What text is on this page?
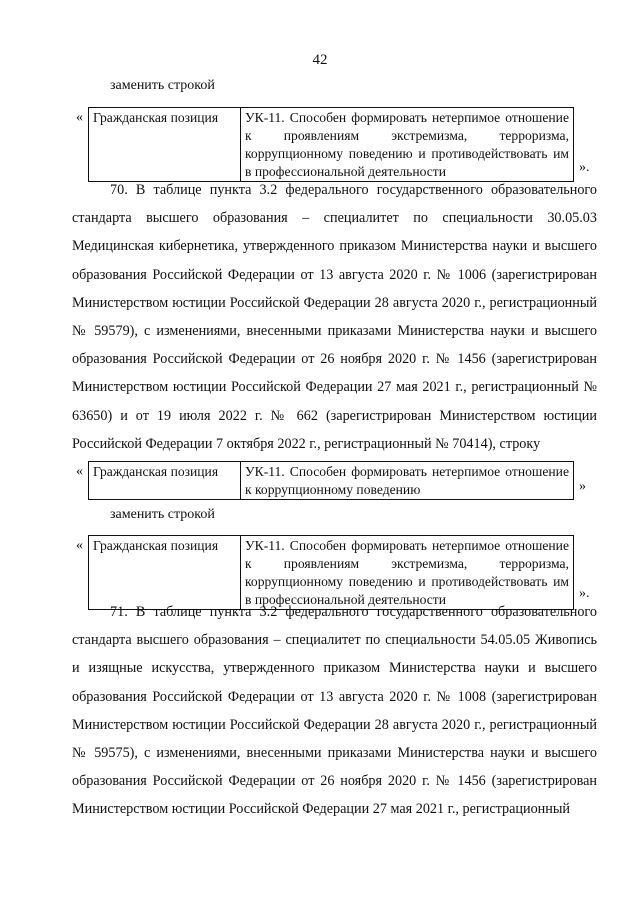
42
заменить строкой
« Гражданская позиция	УК-11. Способен формировать нетерпимое отношение к проявлениям экстремизма, терроризма, коррупционному поведению и противодействовать им в профессиональной деятельности	».
70. В таблице пункта 3.2 федерального государственного образовательного стандарта высшего образования – специалитет по специальности 30.05.03 Медицинская кибернетика, утвержденного приказом Министерства науки и высшего образования Российской Федерации от 13 августа 2020 г. № 1006 (зарегистрирован Министерством юстиции Российской Федерации 28 августа 2020 г., регистрационный № 59579), с изменениями, внесенными приказами Министерства науки и высшего образования Российской Федерации от 26 ноября 2020 г. № 1456 (зарегистрирован Министерством юстиции Российской Федерации 27 мая 2021 г., регистрационный № 63650) и от 19 июля 2022 г. № 662 (зарегистрирован Министерством юстиции Российской Федерации 7 октября 2022 г., регистрационный № 70414), строку
« Гражданская позиция	УК-11. Способен формировать нетерпимое отношение к коррупционному поведению	»
заменить строкой
« Гражданская позиция	УК-11. Способен формировать нетерпимое отношение к проявлениям экстремизма, терроризма, коррупционному поведению и противодействовать им в профессиональной деятельности	».
71. В таблице пункта 3.2 федерального государственного образовательного стандарта высшего образования – специалитет по специальности 54.05.05 Живопись и изящные искусства, утвержденного приказом Министерства науки и высшего образования Российской Федерации от 13 августа 2020 г. № 1008 (зарегистрирован Министерством юстиции Российской Федерации 28 августа 2020 г., регистрационный № 59575), с изменениями, внесенными приказами Министерства науки и высшего образования Российской Федерации от 26 ноября 2020 г. № 1456 (зарегистрирован Министерством юстиции Российской Федерации 27 мая 2021 г., регистрационный
